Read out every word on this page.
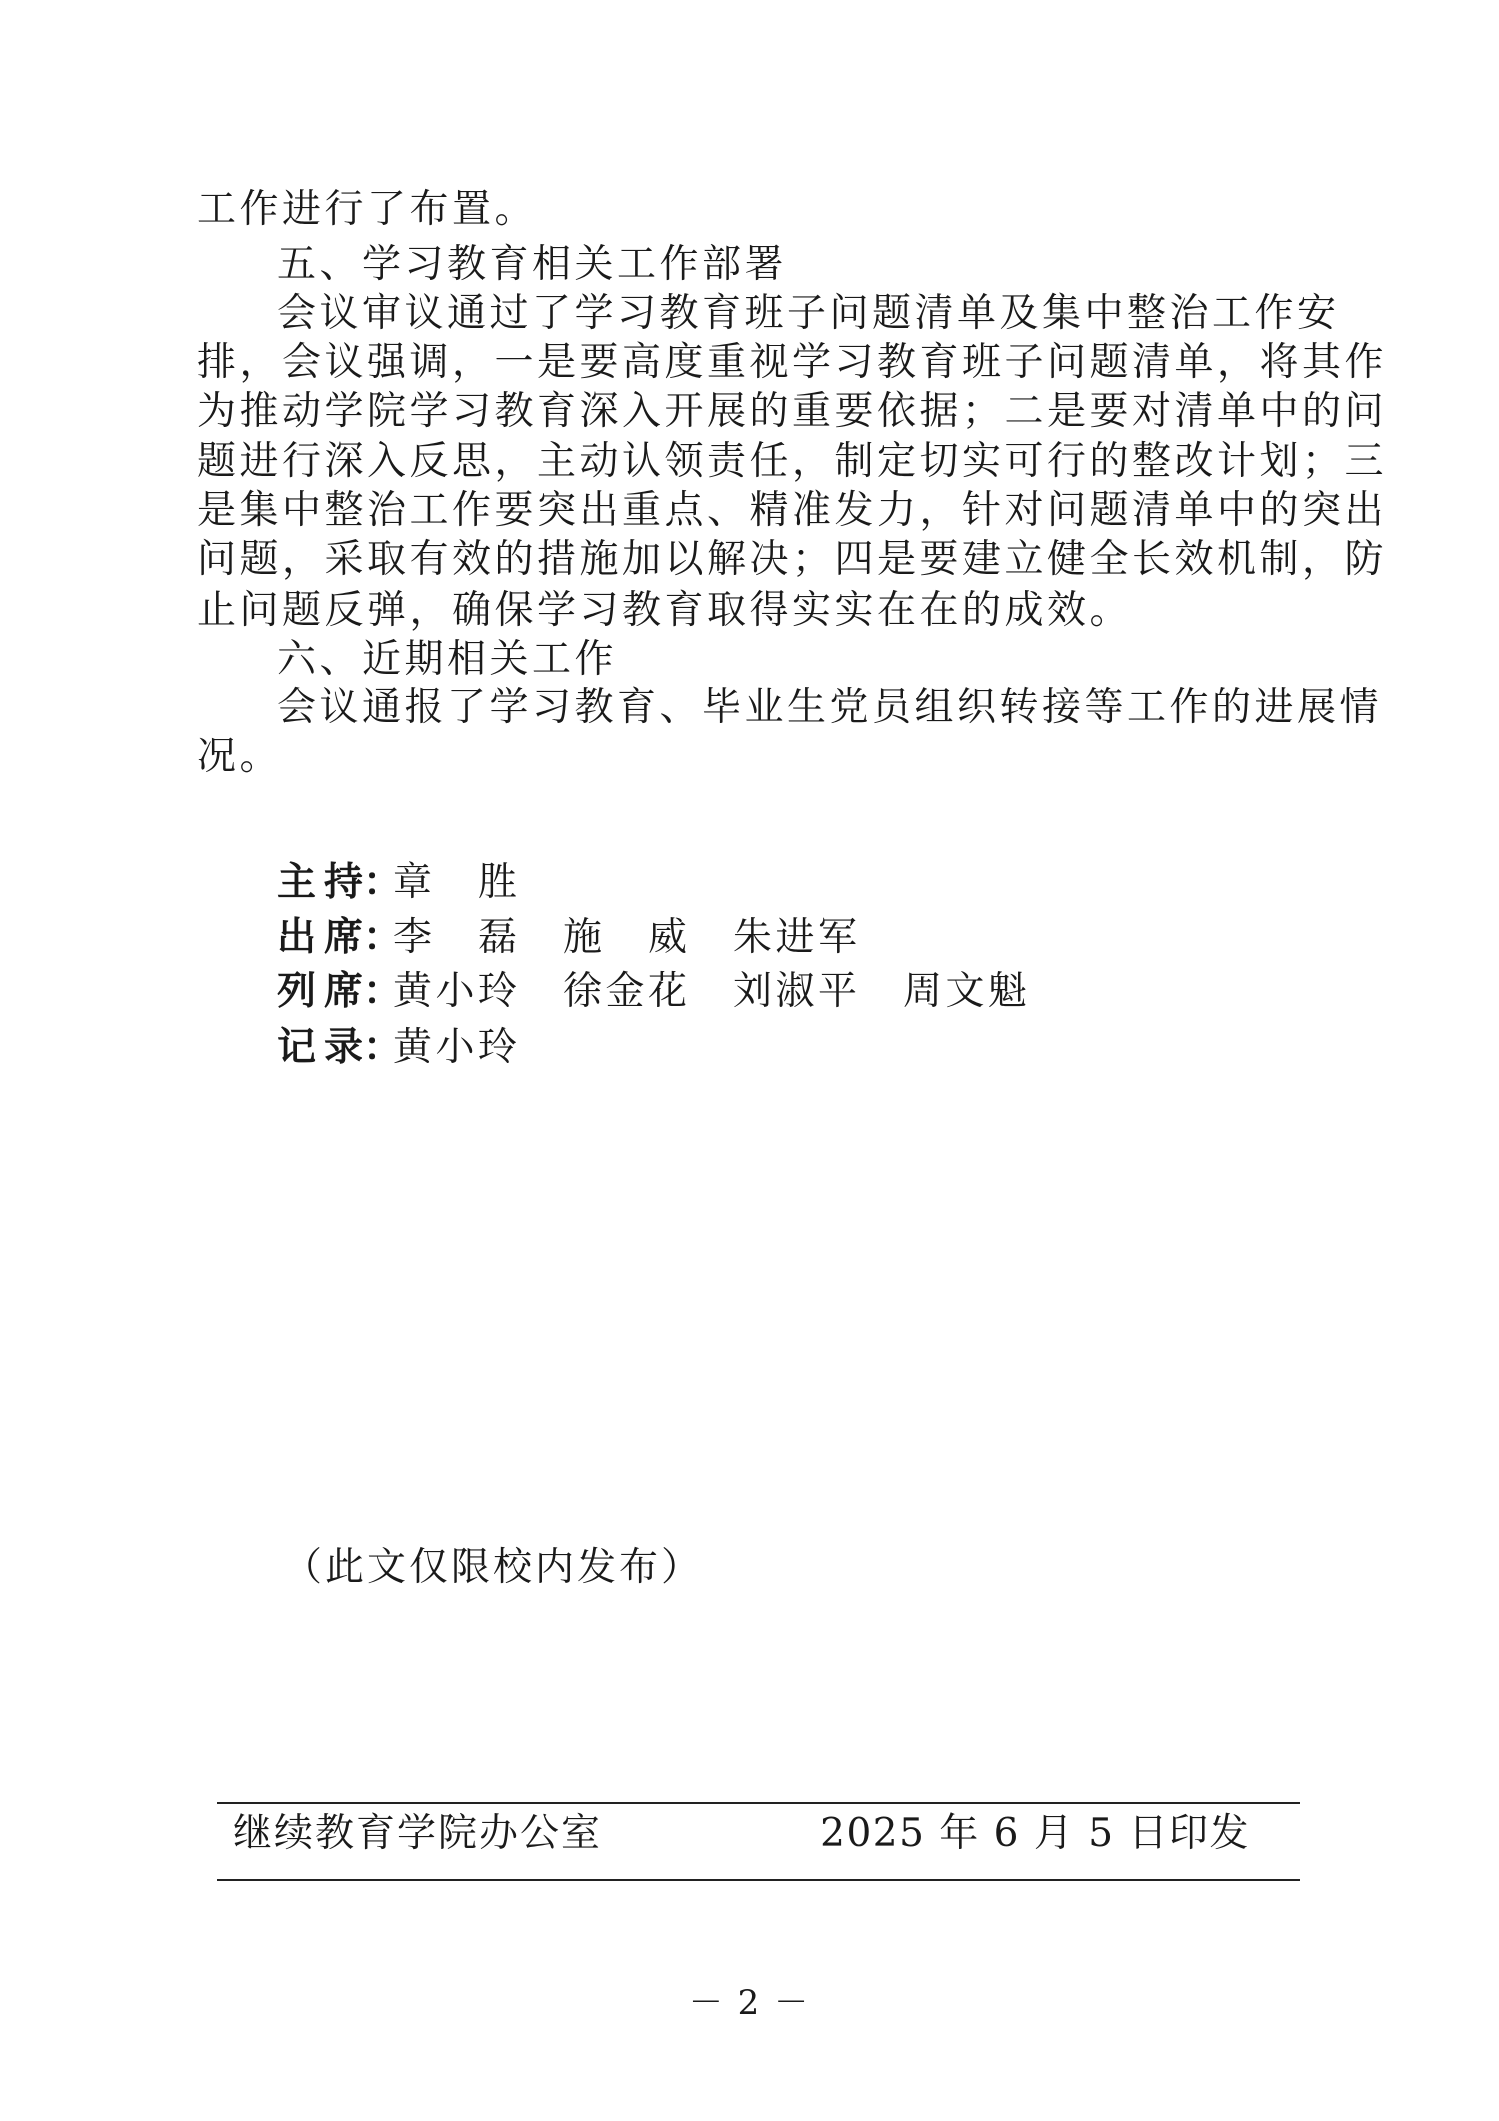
工作进行了布置。
五、学习教育相关工作部署
会议审议通过了学习教育班子问题清单及集中整治工作安
排，会议强调，一是要高度重视学习教育班子问题清单，将其作
为推动学院学习教育深入开展的重要依据；二是要对清单中的问
题进行深入反思，主动认领责任，制定切实可行的整改计划；三
是集中整治工作要突出重点、精准发力，针对问题清单中的突出
问题，采取有效的措施加以解决；四是要建立健全长效机制，防
止问题反弹，确保学习教育取得实实在在的成效。
六、近期相关工作
会议通报了学习教育、毕业生党员组织转接等工作的进展情
况。
主持：章　胜
出席：李　磊　施　威　朱进军
列席：黄小玲　徐金花　刘淑平　周文魁
记录：黄小玲
（此文仅限校内发布）
继续教育学院办公室	2025 年 6 月 5 日印发
－ 2 －
